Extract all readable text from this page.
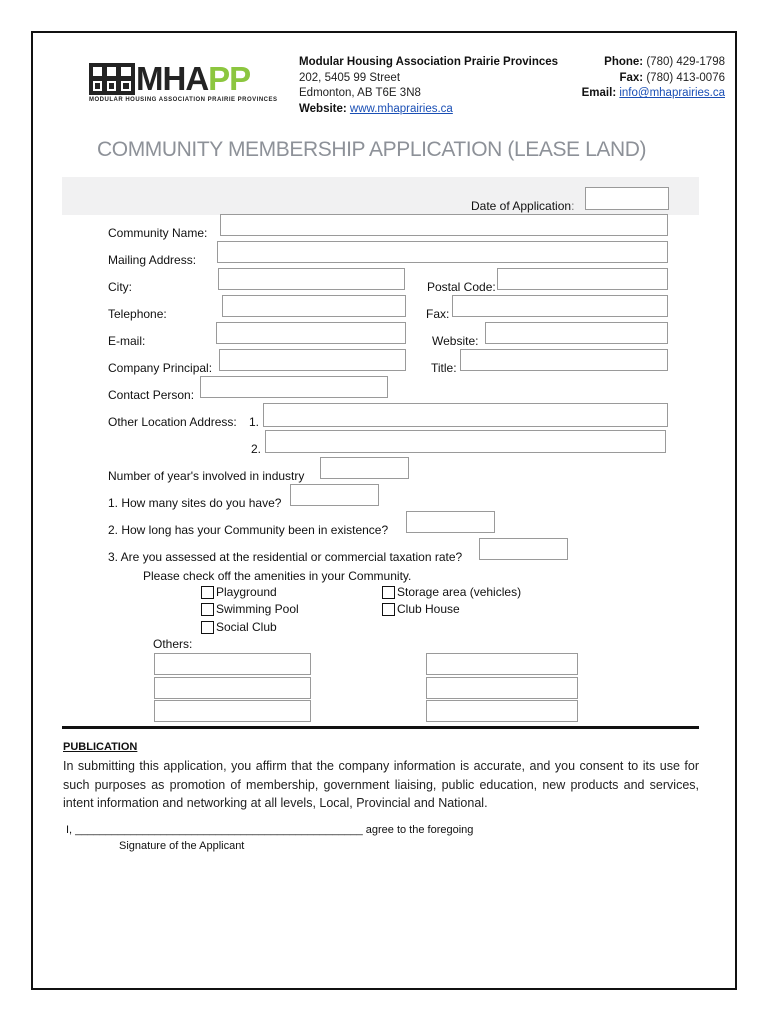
MHAPP
MODULAR HOUSING ASSOCIATION PRAIRIE PROVINCES
Modular Housing Association Prairie Provinces
202, 5405 99 Street
Edmonton, AB T6E 3N8
Website: www.mhaprairies.ca
Phone: (780) 429-1798
Fax: (780) 413-0076
Email: info@mhaprairies.ca
COMMUNITY MEMBERSHIP APPLICATION (LEASE LAND)
Date of Application:
Community Name:
Mailing Address:
City:	Postal Code:
Telephone:	Fax:
E-mail:	Website:
Company Principal:	Title:
Contact Person:
Other Location Address: 1.
2.
Number of year's involved in industry
1. How many sites do you have?
2. How long has your Community been in existence?
3. Are you assessed at the residential or commercial taxation rate?
Please check off the amenities in your Community.
Playground
Swimming Pool
Social Club
Storage area (vehicles)
Club House
Others:
PUBLICATION
In submitting this application, you affirm that the company information is accurate, and you consent to its use for such purposes as promotion of membership, government liaising, public education, new products and services, intent information and networking at all levels, Local, Provincial and National.
I, _______________________________________________ agree to the foregoing
Signature of the Applicant
